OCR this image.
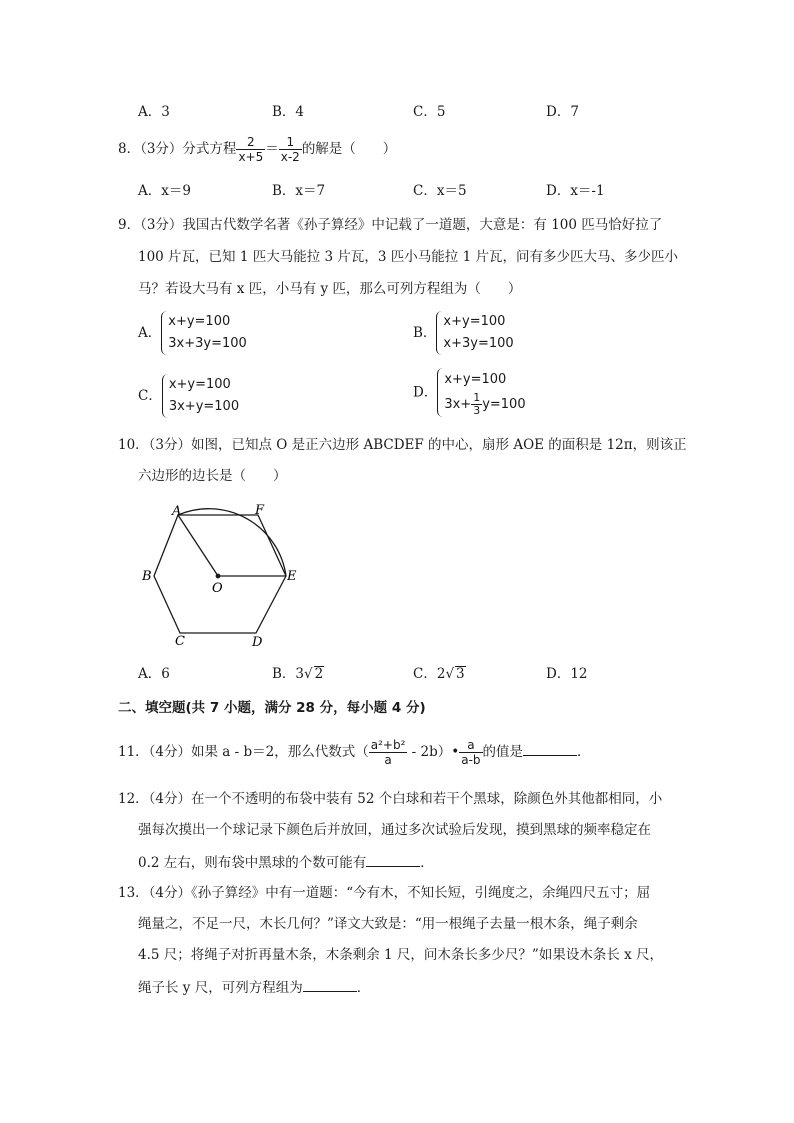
A．3	B．4	C．5	D．7
8．（3分）分式方程 $\frac{2}{x+5} = \frac{1}{x-2}$ 的解是（　　）
A．x＝9	B．x＝7	C．x＝5	D．x＝-1
9．（3分）我国古代数学名著《孙子算经》中记载了一道题，大意是：有 100 匹马恰好拉了
100 片瓦，已知 1 匹大马能拉 3 片瓦，3 匹小马能拉 1 片瓦，问有多少匹大马、多少匹小
马？若设大马有 x 匹，小马有 y 匹，那么可列方程组为（　　）
A．
x+y=100
3x+3y=100
B．
x+y=100
x+3y=100
C．
x+y=100
3x+y=100
D．
x+y=100
$3x+ \frac{1}{3} y=100$
10．（3分）如图，已知点 O 是正六边形 ABCDEF 的中心，扇形 AOE 的面积是 12π，则该正
六边形的边长是（　　）
A	F
E
D
C
B
O
A．6	B．3√ 2	C．2√ 3	D．12
二、填空题(共 7 小题，满分 28 分，每小题 4 分)
11．（4分）如果 a - b＝2，那么代数式（ $\frac{\text{a²+b²}}{a}$ - 2b）• $\frac{a}{a-b}$ 的值是	．
12．（4分）在一个不透明的布袋中装有 52 个白球和若干个黑球，除颜色外其他都相同，小
强每次摸出一个球记录下颜色后并放回，通过多次试验后发现，摸到黑球的频率稳定在
0.2 左右，则布袋中黑球的个数可能有	．
13．（4分）《孙子算经》中有一道题：“今有木，不知长短，引绳度之，余绳四尺五寸；屈
绳量之，不足一尺，木长几何？”译文大致是：“用一根绳子去量一根木条，绳子剩余
4.5 尺；将绳子对折再量木条，木条剩余 1 尺，问木条长多少尺？”如果设木条长 x 尺，
绳子长 y 尺，可列方程组为	．
